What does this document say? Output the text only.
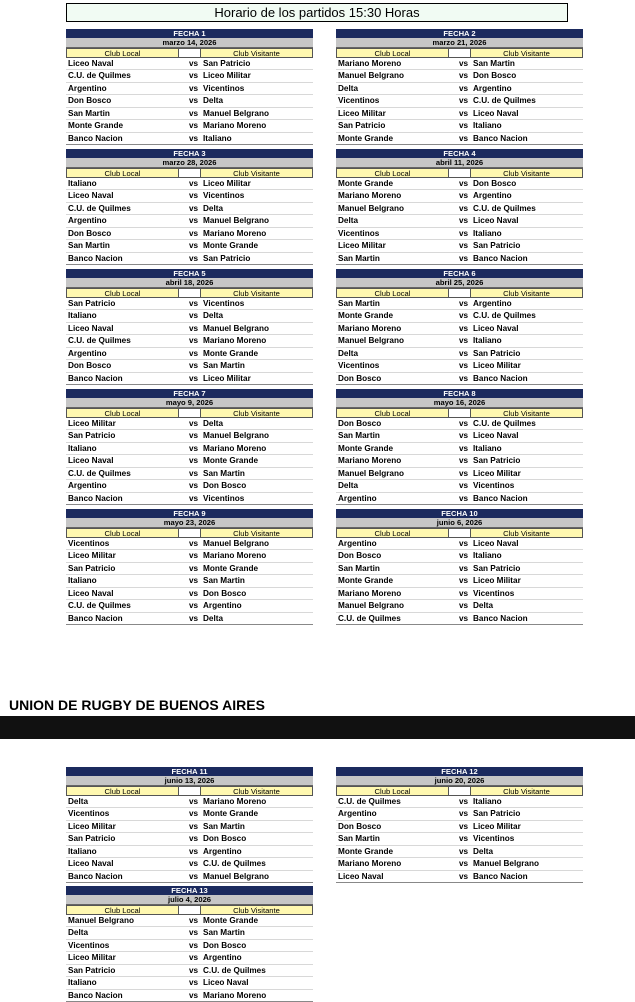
Horario de los partidos 15:30 Horas
FECHA 1
marzo 14, 2026
Club Local	Club Visitante
Liceo Naval	vs San Patricio
C.U. de Quilmes	vs Liceo Militar
Argentino	vs Vicentinos
Don Bosco	vs Delta
San Martin	vs Manuel Belgrano
Monte Grande	vs Mariano Moreno
Banco Nacion	vs Italiano
FECHA 2
marzo 21, 2026
Club Local	Club Visitante
Mariano Moreno	vs San Martin
Manuel Belgrano	vs Don Bosco
Delta	vs Argentino
Vicentinos	vs C.U. de Quilmes
Liceo Militar	vs Liceo Naval
San Patricio	vs Italiano
Monte Grande	vs Banco Nacion
FECHA 3
marzo 28, 2026
Club Local	Club Visitante
Italiano	vs Liceo Militar
Liceo Naval	vs Vicentinos
C.U. de Quilmes	vs Delta
Argentino	vs Manuel Belgrano
Don Bosco	vs Mariano Moreno
San Martin	vs Monte Grande
Banco Nacion	vs San Patricio
FECHA 4
abril 11, 2026
Club Local	Club Visitante
Monte Grande	vs Don Bosco
Mariano Moreno	vs Argentino
Manuel Belgrano	vs C.U. de Quilmes
Delta	vs Liceo Naval
Vicentinos	vs Italiano
Liceo Militar	vs San Patricio
San Martin	vs Banco Nacion
FECHA 5
abril 18, 2026
Club Local	Club Visitante
San Patricio	vs Vicentinos
Italiano	vs Delta
Liceo Naval	vs Manuel Belgrano
C.U. de Quilmes	vs Mariano Moreno
Argentino	vs Monte Grande
Don Bosco	vs San Martin
Banco Nacion	vs Liceo Militar
FECHA 6
abril 25, 2026
Club Local	Club Visitante
San Martin	vs Argentino
Monte Grande	vs C.U. de Quilmes
Mariano Moreno	vs Liceo Naval
Manuel Belgrano	vs Italiano
Delta	vs San Patricio
Vicentinos	vs Liceo Militar
Don Bosco	vs Banco Nacion
FECHA 7
mayo 9, 2026
Club Local	Club Visitante
Liceo Militar	vs Delta
San Patricio	vs Manuel Belgrano
Italiano	vs Mariano Moreno
Liceo Naval	vs Monte Grande
C.U. de Quilmes	vs San Martin
Argentino	vs Don Bosco
Banco Nacion	vs Vicentinos
FECHA 8
mayo 16, 2026
Club Local	Club Visitante
Don Bosco	vs C.U. de Quilmes
San Martin	vs Liceo Naval
Monte Grande	vs Italiano
Mariano Moreno	vs San Patricio
Manuel Belgrano	vs Liceo Militar
Delta	vs Vicentinos
Argentino	vs Banco Nacion
FECHA 9
mayo 23, 2026
Club Local	Club Visitante
Vicentinos	vs Manuel Belgrano
Liceo Militar	vs Mariano Moreno
San Patricio	vs Monte Grande
Italiano	vs San Martin
Liceo Naval	vs Don Bosco
C.U. de Quilmes	vs Argentino
Banco Nacion	vs Delta
FECHA 10
junio 6, 2026
Club Local	Club Visitante
Argentino	vs Liceo Naval
Don Bosco	vs Italiano
San Martin	vs San Patricio
Monte Grande	vs Liceo Militar
Mariano Moreno	vs Vicentinos
Manuel Belgrano	vs Delta
C.U. de Quilmes	vs Banco Nacion
FECHA 11
junio 13, 2026
Club Local	Club Visitante
Delta	vs Mariano Moreno
Vicentinos	vs Monte Grande
Liceo Militar	vs San Martin
San Patricio	vs Don Bosco
Italiano	vs Argentino
Liceo Naval	vs C.U. de Quilmes
Banco Nacion	vs Manuel Belgrano
FECHA 12
junio 20, 2026
Club Local	Club Visitante
C.U. de Quilmes	vs Italiano
Argentino	vs San Patricio
Don Bosco	vs Liceo Militar
San Martin	vs Vicentinos
Monte Grande	vs Delta
Mariano Moreno	vs Manuel Belgrano
Liceo Naval	vs Banco Nacion
FECHA 13
julio 4, 2026
Club Local	Club Visitante
Manuel Belgrano	vs Monte Grande
Delta	vs San Martin
Vicentinos	vs Don Bosco
Liceo Militar	vs Argentino
San Patricio	vs C.U. de Quilmes
Italiano	vs Liceo Naval
Banco Nacion	vs Mariano Moreno
UNION DE RUGBY DE BUENOS AIRES
